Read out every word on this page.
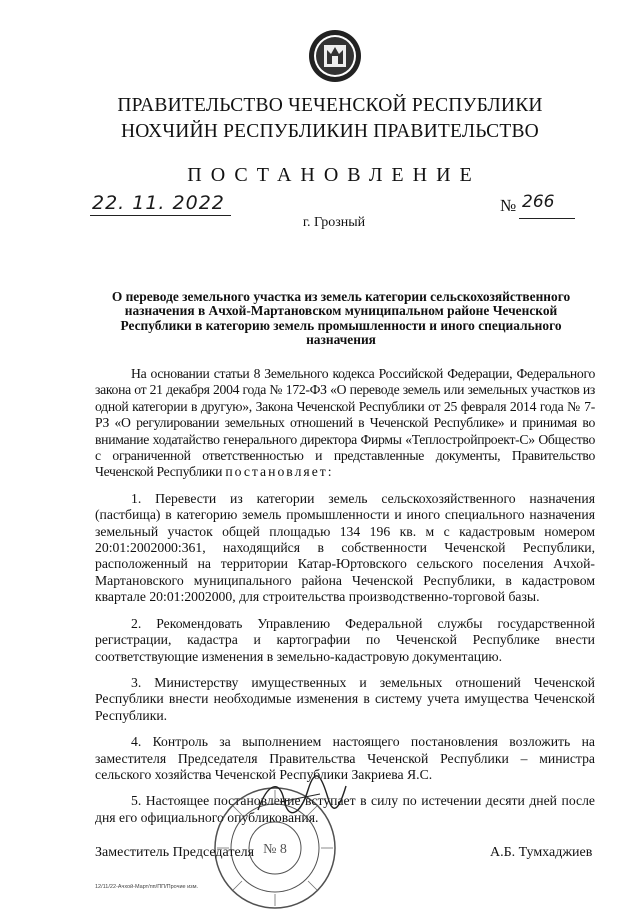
ПРАВИТЕЛЬСТВО ЧЕЧЕНСКОЙ РЕСПУБЛИКИ
НОХЧИЙН РЕСПУБЛИКИН ПРАВИТЕЛЬСТВО
ПОСТАНОВЛЕНИЕ
22. 11. 2022	№ 266
г. Грозный
О переводе земельного участка из земель категории сельскохозяйственного назначения в Ачхой-Мартановском муниципальном районе Чеченской Республики в категорию земель промышленности и иного специального назначения

На основании статьи 8 Земельного кодекса Российской Федерации, Федерального закона от 21 декабря 2004 года № 172-ФЗ «О переводе земель или земельных участков из одной категории в другую», Закона Чеченской Республики от 25 февраля 2014 года № 7-РЗ «О регулировании земельных отношений в Чеченской Республике» и принимая во внимание ходатайство генерального директора Фирмы «Теплостройпроект-С» Общество с ограниченной ответственностью и представленные документы, Правительство Чеченской Республики постановляет:

1. Перевести из категории земель сельскохозяйственного назначения (пастбища) в категорию земель промышленности и иного специального назначения земельный участок общей площадью 134 196 кв. м с кадастровым номером 20:01:2002000:361, находящийся в собственности Чеченской Республики, расположенный на территории Катар-Юртовского сельского поселения Ачхой-Мартановского муниципального района Чеченской Республики, в кадастровом квартале 20:01:2002000, для строительства производственно-торговой базы.

2. Рекомендовать Управлению Федеральной службы государственной регистрации, кадастра и картографии по Чеченской Республике внести соответствующие изменения в земельно-кадастровую документацию.

3. Министерству имущественных и земельных отношений Чеченской Республики внести необходимые изменения в систему учета имущества Чеченской Республики.

4. Контроль за выполнением настоящего постановления возложить на заместителя Председателя Правительства Чеченской Республики – министра сельского хозяйства Чеченской Республики Закриева Я.С.

5. Настоящее постановление вступает в силу по истечении десяти дней после дня его официального опубликования.

№ 8
Заместитель Председателя	А.Б. Тумхаджиев
12/11/22-Ачхой-Март/пп/ПП/Прочие изм.
